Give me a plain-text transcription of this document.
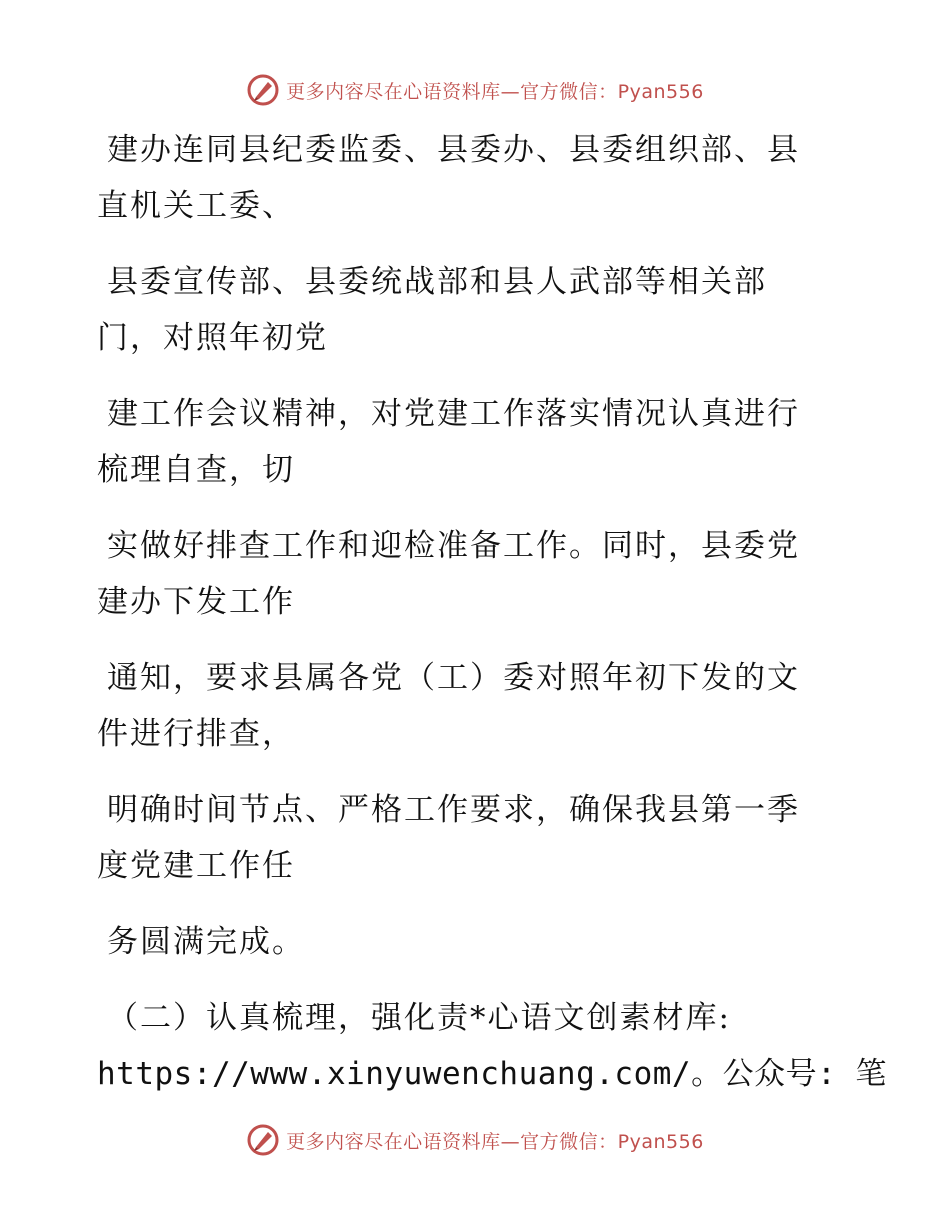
更多内容尽在心语资料库—官方微信：Pyan556
建办连同县纪委监委、县委办、县委组织部、县
直机关工委、
县委宣传部、县委统战部和县人武部等相关部
门，对照年初党
建工作会议精神，对党建工作落实情况认真进行
梳理自查，切
实做好排查工作和迎检准备工作。同时，县委党
建办下发工作
通知，要求县属各党（工）委对照年初下发的文
件进行排查，
明确时间节点、严格工作要求，确保我县第一季
度党建工作任
务圆满完成。
（二）认真梳理，强化责*心语文创素材库:
https://www.xinyuwenchuang.com/。公众号: 笔
更多内容尽在心语资料库—官方微信：Pyan556
